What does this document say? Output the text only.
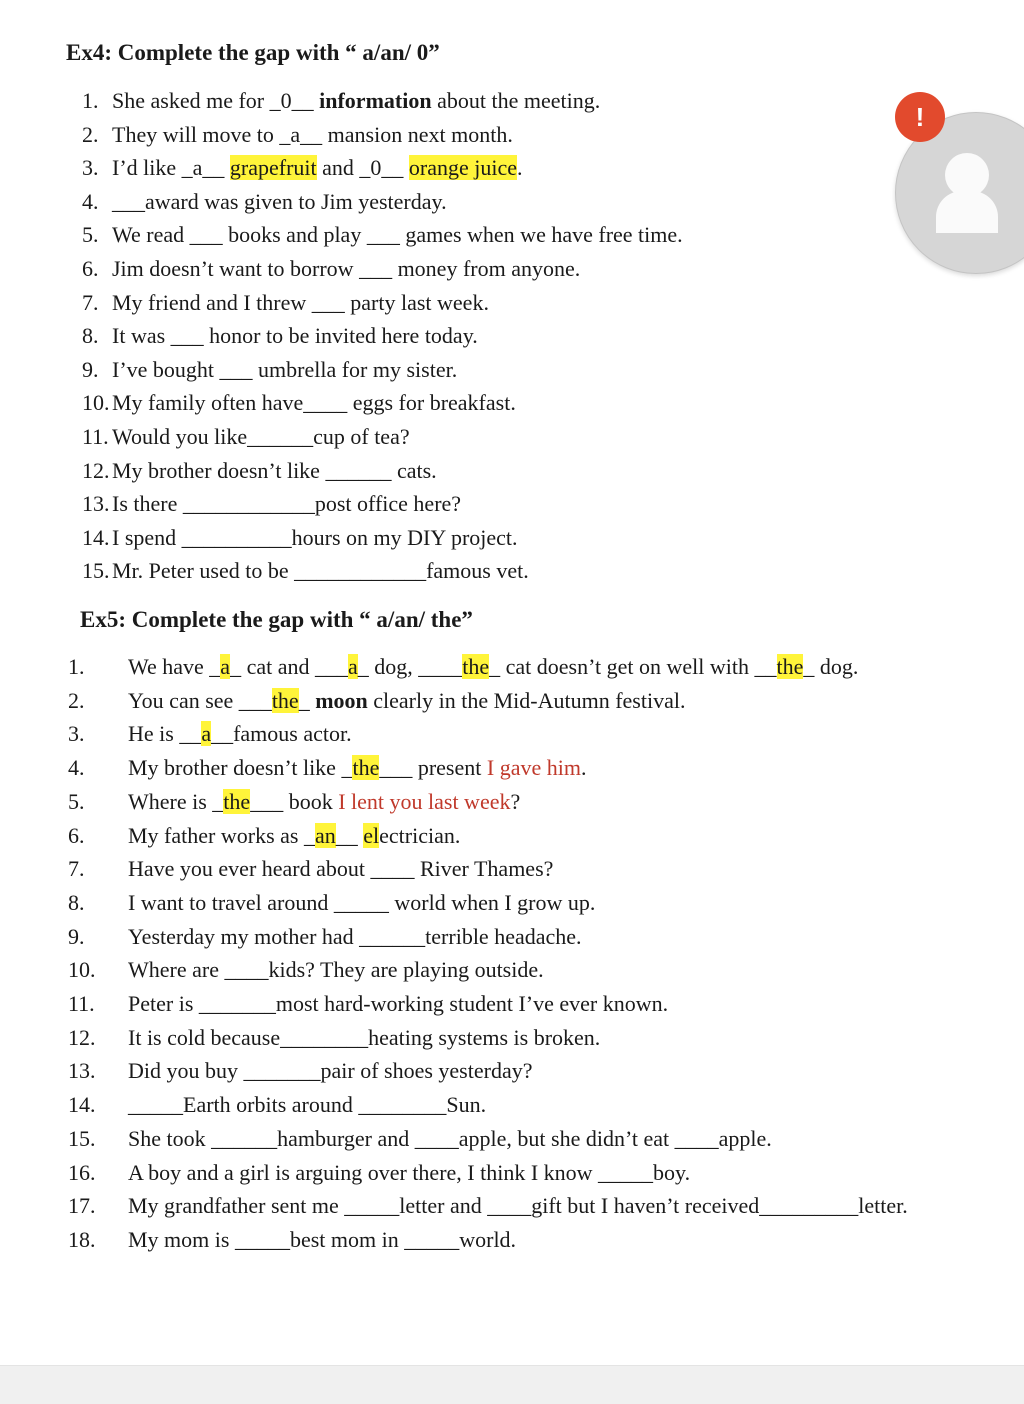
Ex4: Complete the gap with “ a/an/ 0”
1. She asked me for _0__ information about the meeting.
2. They will move to _a__ mansion next month.
3. I’d like _a__ grapefruit and _0__ orange juice.
4. ___award was given to Jim yesterday.
5. We read ___ books and play ___ games when we have free time.
6. Jim doesn’t want to borrow ___ money from anyone.
7. My friend and I threw ___ party last week.
8. It was ___ honor to be invited here today.
9. I’ve bought ___ umbrella for my sister.
10. My family often have____ eggs for breakfast.
11. Would you like______cup of tea?
12. My brother doesn’t like ______ cats.
13. Is there ____________post office here?
14. I spend __________hours on my DIY project.
15. Mr. Peter used to be ____________famous vet.
Ex5: Complete the gap with “ a/an/ the”
1. We have _a_ cat and ___a_ dog, ____the_ cat doesn’t get on well with __the_ dog.
2. You can see ___the_ moon clearly in the Mid-Autumn festival.
3. He is __a__famous actor.
4. My brother doesn’t like _the___ present I gave him.
5. Where is _the___ book I lent you last week?
6. My father works as _an__ electrician.
7. Have you ever heard about ____ River Thames?
8. I want to travel around _____ world when I grow up.
9. Yesterday my mother had ______terrible headache.
10. Where are ____kids? They are playing outside.
11. Peter is _______most hard-working student I’ve ever known.
12. It is cold because________heating systems is broken.
13. Did you buy _______pair of shoes yesterday?
14. _____Earth orbits around ________Sun.
15. She took ______hamburger and ____apple, but she didn’t eat ____apple.
16. A boy and a girl is arguing over there, I think I know _____boy.
17. My grandfather sent me _____letter and ____gift but I haven’t received_________letter.
18. My mom is _____best mom in _____world.
!
